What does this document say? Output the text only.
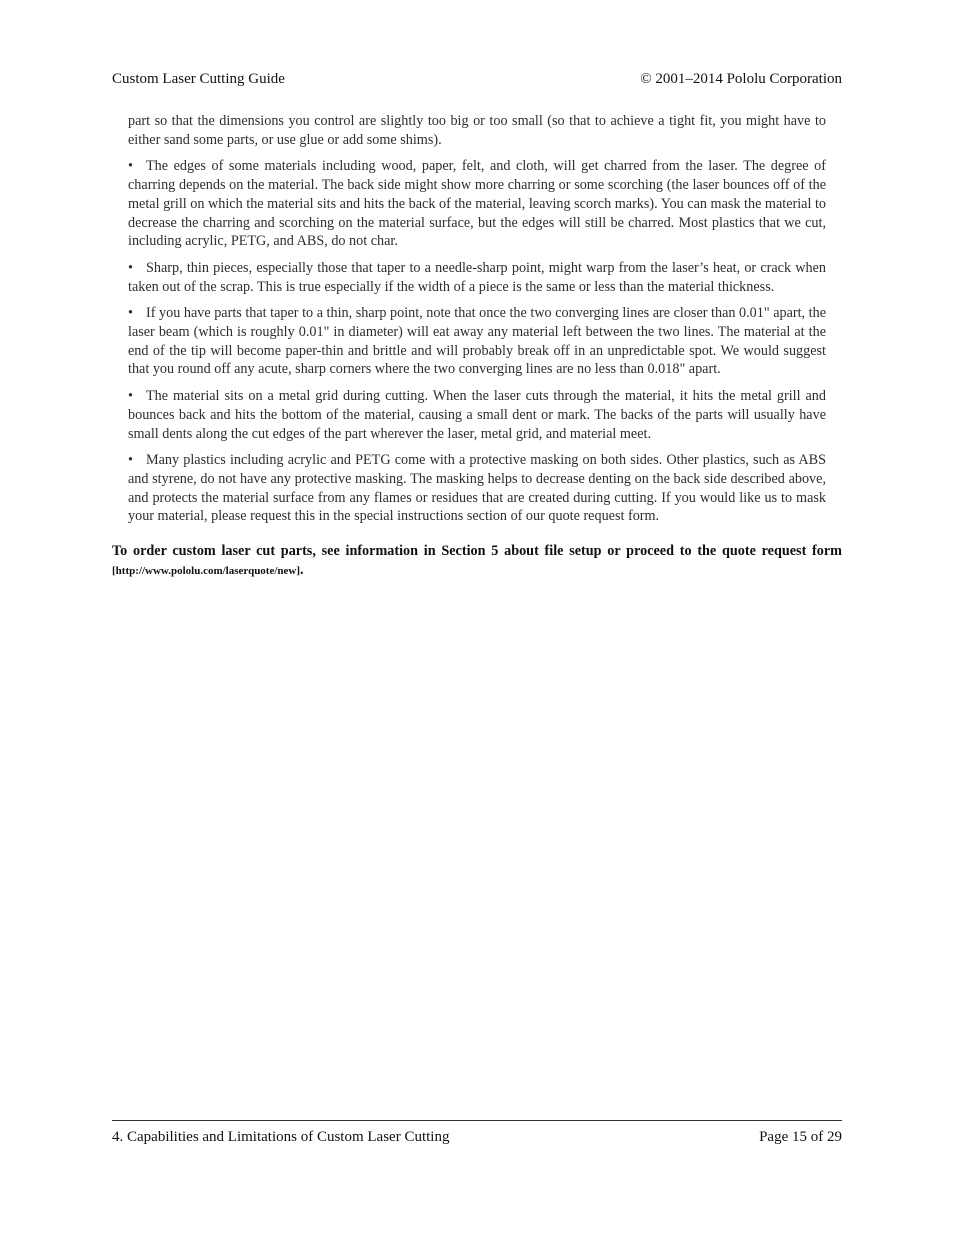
Custom Laser Cutting Guide	© 2001–2014 Pololu Corporation

part so that the dimensions you control are slightly too big or too small (so that to achieve a tight fit, you might have to either sand some parts, or use glue or add some shims).

• The edges of some materials including wood, paper, felt, and cloth, will get charred from the laser. The degree of charring depends on the material. The back side might show more charring or some scorching (the laser bounces off of the metal grill on which the material sits and hits the back of the material, leaving scorch marks). You can mask the material to decrease the charring and scorching on the material surface, but the edges will still be charred. Most plastics that we cut, including acrylic, PETG, and ABS, do not char.

• Sharp, thin pieces, especially those that taper to a needle-sharp point, might warp from the laser’s heat, or crack when taken out of the scrap. This is true especially if the width of a piece is the same or less than the material thickness.

• If you have parts that taper to a thin, sharp point, note that once the two converging lines are closer than 0.01" apart, the laser beam (which is roughly 0.01" in diameter) will eat away any material left between the two lines. The material at the end of the tip will become paper-thin and brittle and will probably break off in an unpredictable spot. We would suggest that you round off any acute, sharp corners where the two converging lines are no less than 0.018" apart.

• The material sits on a metal grid during cutting. When the laser cuts through the material, it hits the metal grill and bounces back and hits the bottom of the material, causing a small dent or mark. The backs of the parts will usually have small dents along the cut edges of the part wherever the laser, metal grid, and material meet.

• Many plastics including acrylic and PETG come with a protective masking on both sides. Other plastics, such as ABS and styrene, do not have any protective masking. The masking helps to decrease denting on the back side described above, and protects the material surface from any flames or residues that are created during cutting. If you would like us to mask your material, please request this in the special instructions section of our quote request form.

To order custom laser cut parts, see information in Section 5 about file setup or proceed to the quote request form [http://www.pololu.com/laserquote/new].

4. Capabilities and Limitations of Custom Laser Cutting	Page 15 of 29
